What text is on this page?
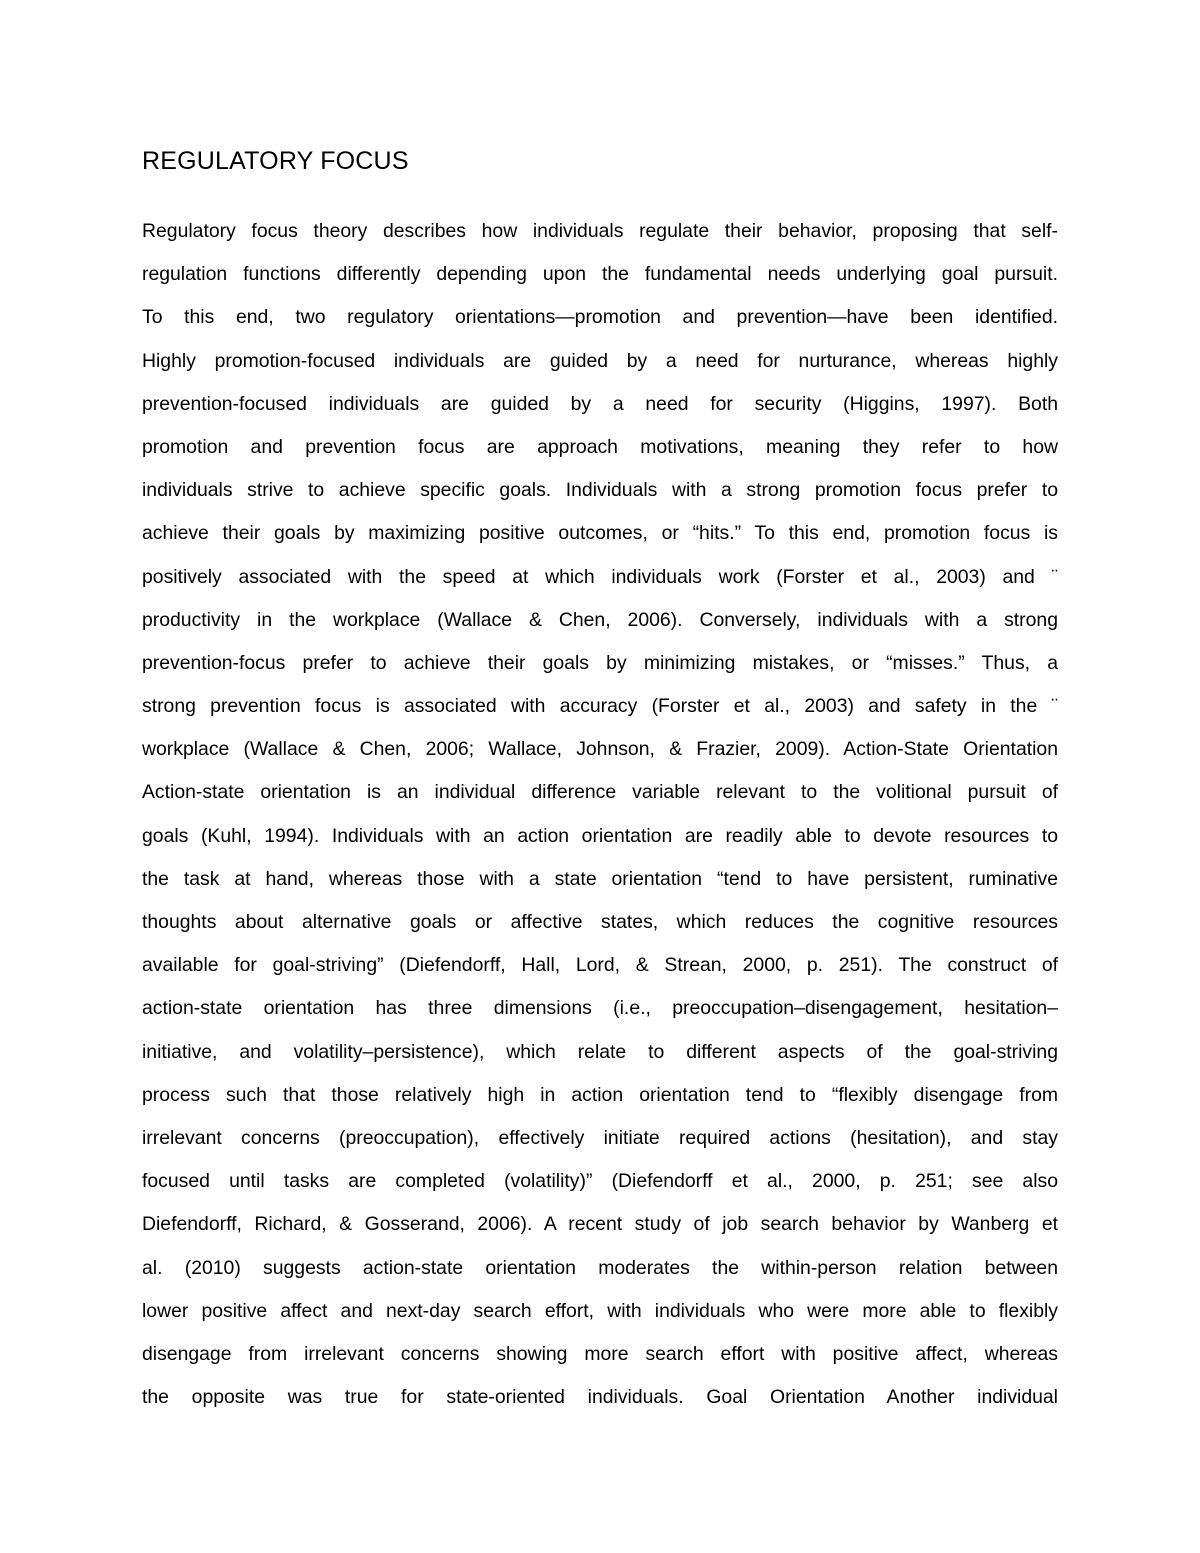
REGULATORY FOCUS
Regulatory focus theory describes how individuals regulate their behavior, proposing that self-
regulation functions differently depending upon the fundamental needs underlying goal pursuit.
To this end, two regulatory orientations—promotion and prevention—have been identified.
Highly promotion-focused individuals are guided by a need for nurturance, whereas highly
prevention-focused individuals are guided by a need for security (Higgins, 1997). Both
promotion and prevention focus are approach motivations, meaning they refer to how
individuals strive to achieve specific goals. Individuals with a strong promotion focus prefer to
achieve their goals by maximizing positive outcomes, or “hits.” To this end, promotion focus is
positively associated with the speed at which individuals work (Forster et al., 2003) and ¨
productivity in the workplace (Wallace & Chen, 2006). Conversely, individuals with a strong
prevention-focus prefer to achieve their goals by minimizing mistakes, or “misses.” Thus, a
strong prevention focus is associated with accuracy (Forster et al., 2003) and safety in the ¨
workplace (Wallace & Chen, 2006; Wallace, Johnson, & Frazier, 2009). Action-State Orientation
Action-state orientation is an individual difference variable relevant to the volitional pursuit of
goals (Kuhl, 1994). Individuals with an action orientation are readily able to devote resources to
the task at hand, whereas those with a state orientation “tend to have persistent, ruminative
thoughts about alternative goals or affective states, which reduces the cognitive resources
available for goal-striving” (Diefendorff, Hall, Lord, & Strean, 2000, p. 251). The construct of
action-state orientation has three dimensions (i.e., preoccupation–disengagement, hesitation–
initiative, and volatility–persistence), which relate to different aspects of the goal-striving
process such that those relatively high in action orientation tend to “flexibly disengage from
irrelevant concerns (preoccupation), effectively initiate required actions (hesitation), and stay
focused until tasks are completed (volatility)” (Diefendorff et al., 2000, p. 251; see also
Diefendorff, Richard, & Gosserand, 2006). A recent study of job search behavior by Wanberg et
al. (2010) suggests action-state orientation moderates the within-person relation between
lower positive affect and next-day search effort, with individuals who were more able to flexibly
disengage from irrelevant concerns showing more search effort with positive affect, whereas
the opposite was true for state-oriented individuals. Goal Orientation Another individual
